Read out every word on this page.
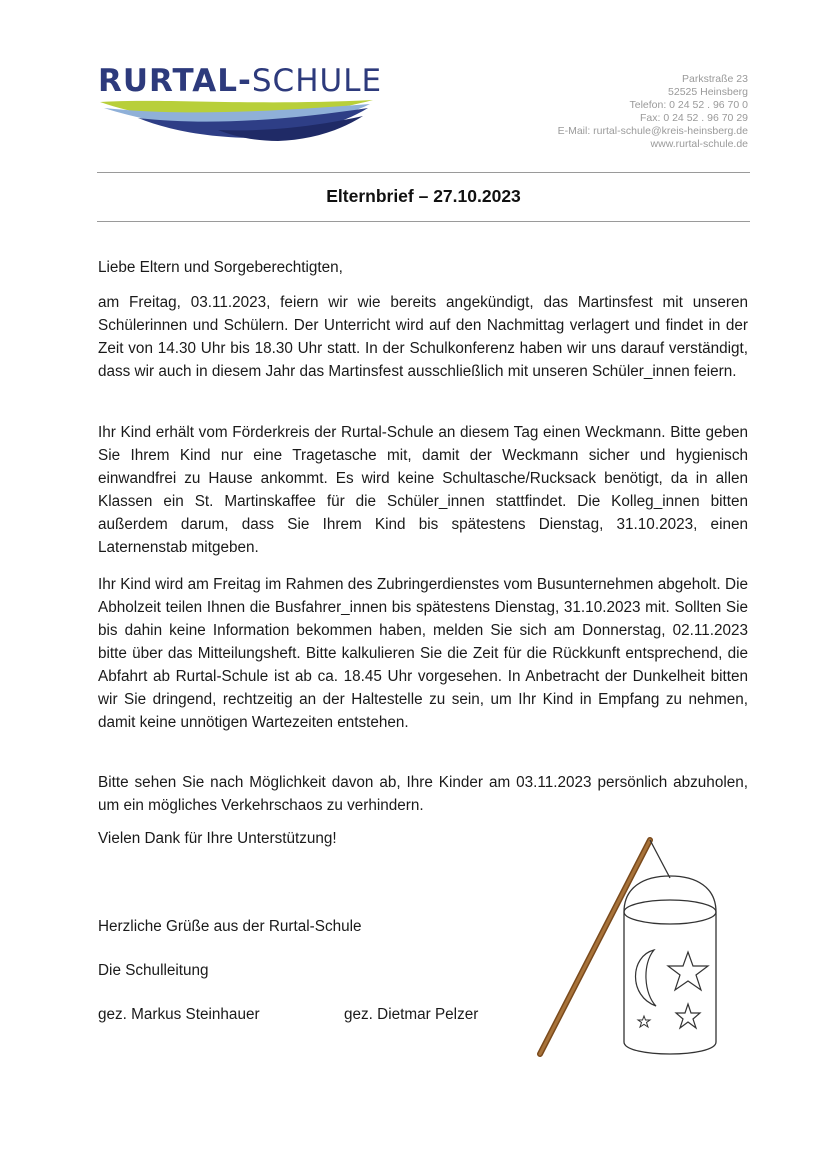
RURTAL-SCHULE	Parkstraße 23
52525 Heinsberg
Telefon: 0 24 52 . 96 70 0
Fax: 0 24 52 . 96 70 29
E-Mail: rurtal-schule@kreis-heinsberg.de
www.rurtal-schule.de
Elternbrief – 27.10.2023
Liebe Eltern und Sorgeberechtigten,

am Freitag, 03.11.2023, feiern wir wie bereits angekündigt, das Martinsfest mit unseren Schülerinnen und Schülern. Der Unterricht wird auf den Nachmittag verlagert und findet in der Zeit von 14.30 Uhr bis 18.30 Uhr statt. In der Schulkonferenz haben wir uns darauf verständigt, dass wir auch in diesem Jahr das Martinsfest ausschließlich mit unseren Schüler_innen feiern.

Ihr Kind erhält vom Förderkreis der Rurtal-Schule an diesem Tag einen Weckmann. Bitte geben Sie Ihrem Kind nur eine Tragetasche mit, damit der Weckmann sicher und hygienisch einwandfrei zu Hause ankommt. Es wird keine Schultasche/Rucksack benötigt, da in allen Klassen ein St. Martinskaffee für die Schüler_innen stattfindet. Die Kolleg_innen bitten außerdem darum, dass Sie Ihrem Kind bis spätestens Dienstag, 31.10.2023, einen Laternenstab mitgeben.

Ihr Kind wird am Freitag im Rahmen des Zubringerdienstes vom Busunternehmen abgeholt. Die Abholzeit teilen Ihnen die Busfahrer_innen bis spätestens Dienstag, 31.10.2023 mit. Sollten Sie bis dahin keine Information bekommen haben, melden Sie sich am Donnerstag, 02.11.2023 bitte über das Mitteilungsheft. Bitte kalkulieren Sie die Zeit für die Rückkunft entsprechend, die Abfahrt ab Rurtal-Schule ist ab ca. 18.45 Uhr vorgesehen. In Anbetracht der Dunkelheit bitten wir Sie dringend, rechtzeitig an der Haltestelle zu sein, um Ihr Kind in Empfang zu nehmen, damit keine unnötigen Wartezeiten entstehen.

Bitte sehen Sie nach Möglichkeit davon ab, Ihre Kinder am 03.11.2023 persönlich abzuholen, um ein mögliches Verkehrschaos zu verhindern.

Vielen Dank für Ihre Unterstützung!
Herzliche Grüße aus der Rurtal-Schule
Die Schulleitung
gez. Markus Steinhauer	gez. Dietmar Pelzer
